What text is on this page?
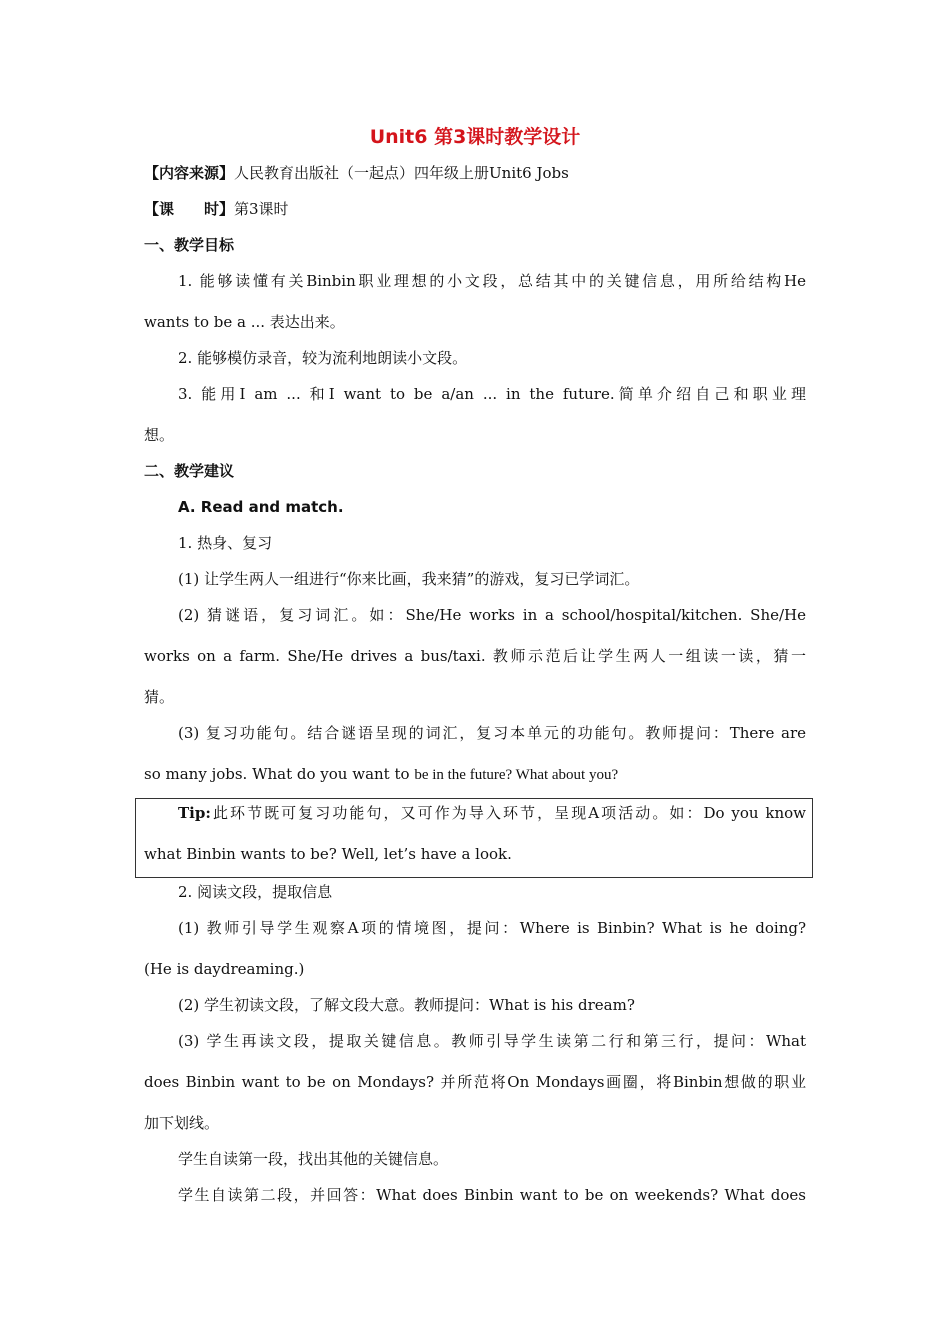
Unit6 第3课时教学设计
【内容来源】人民教育出版社（一起点）四年级上册Unit6 Jobs
【课　　时】第3课时
一、教学目标
1. 能够读懂有关Binbin职业理想的小文段，总结其中的关键信息，用所给结构He
wants to be a ... 表达出来。
2. 能够模仿录音，较为流利地朗读小文段。
3. 能用I am ... 和I want to be a/an ... in the future.简单介绍自己和职业理
想。
二、教学建议
A. Read and match.
1. 热身、复习
(1) 让学生两人一组进行“你来比画，我来猜”的游戏，复习已学词汇。
(2) 猜谜语，复习词汇。如：She/He works in a school/hospital/kitchen. She/He
works on a farm. She/He drives a bus/taxi. 教师示范后让学生两人一组读一读，猜一
猜。
(3) 复习功能句。结合谜语呈现的词汇，复习本单元的功能句。教师提问：There are
so many jobs. What do you want to be in the future? What about you?
Tip:此环节既可复习功能句，又可作为导入环节，呈现A项活动。如：Do you know
what Binbin wants to be? Well, let’s have a look.
2. 阅读文段，提取信息
(1) 教师引导学生观察A项的情境图，提问：Where is Binbin? What is he doing?
(He is daydreaming.)
(2) 学生初读文段，了解文段大意。教师提问：What is his dream?
(3) 学生再读文段，提取关键信息。教师引导学生读第二行和第三行，提问：What
does Binbin want to be on Mondays? 并所范将On Mondays画圈，将Binbin想做的职业
加下划线。
学生自读第一段，找出其他的关键信息。
学生自读第二段，并回答：What does Binbin want to be on weekends? What does
